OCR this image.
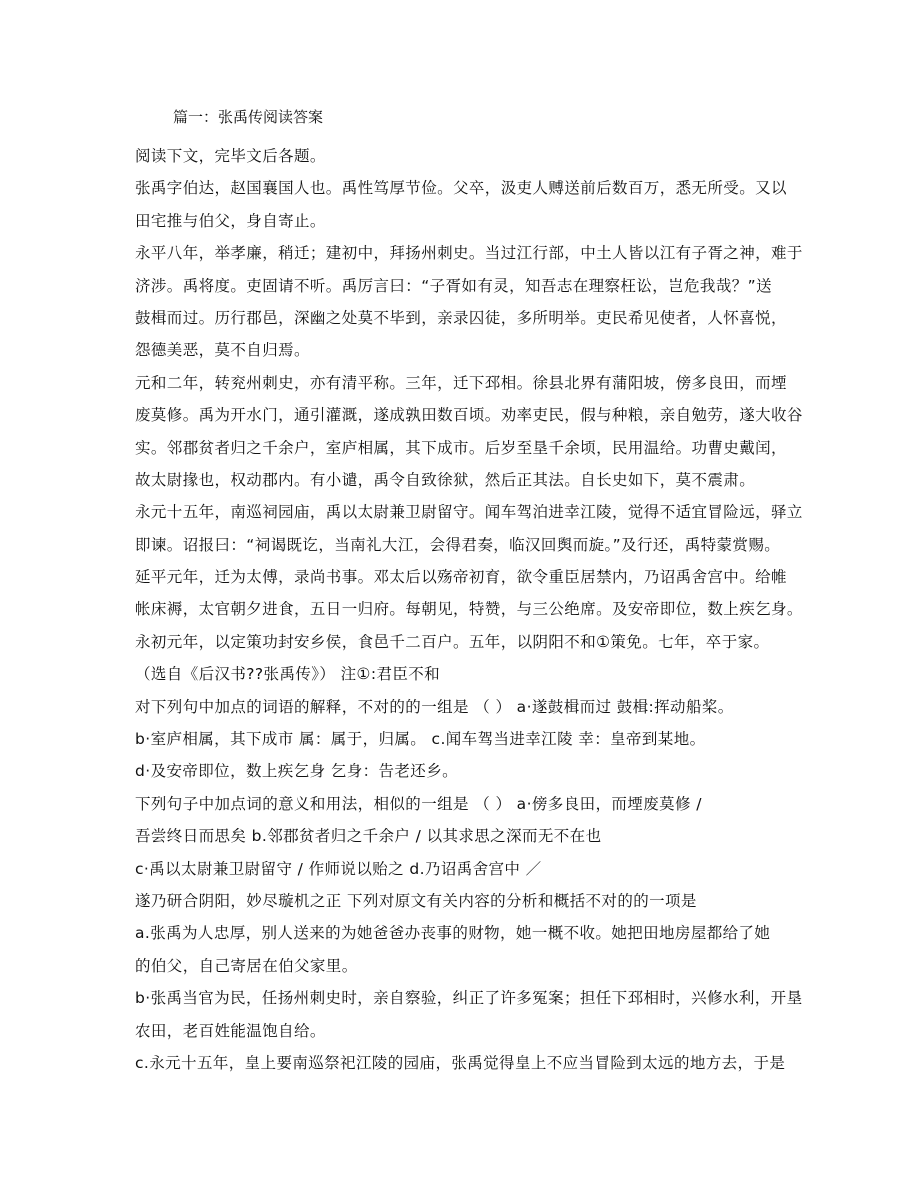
篇一：张禹传阅读答案
阅读下文，完毕文后各题。
张禹字伯达，赵国襄国人也。禹性笃厚节俭。父卒，汲吏人赙送前后数百万，悉无所受。又以
田宅推与伯父，身自寄止。
永平八年，举孝廉，稍迁；建初中，拜扬州刺史。当过江行部，中土人皆以江有子胥之神，难于
济涉。禹将度。吏固请不听。禹厉言曰：“子胥如有灵，知吾志在理察枉讼，岂危我哉？”送
鼓楫而过。历行郡邑，深幽之处莫不毕到，亲录囚徒，多所明举。吏民希见使者，人怀喜悦，
怨德美恶，莫不自归焉。
元和二年，转兖州刺史，亦有清平称。三年，迁下邳相。徐县北界有蒲阳坡，傍多良田，而堙
废莫修。禹为开水门，通引灌溉，遂成孰田数百顷。劝率吏民，假与种粮，亲自勉劳，遂大收谷
实。邻郡贫者归之千余户，室庐相属，其下成市。后岁至垦千余顷，民用温给。功曹史戴闰，
故太尉掾也，权动郡内。有小谴，禹令自致徐狱，然后正其法。自长史如下，莫不震肃。
永元十五年，南巡祠园庙，禹以太尉兼卫尉留守。闻车驾泊进幸江陵，觉得不适宜冒险远，驿立
即谏。诏报曰：“祠谒既讫，当南礼大江，会得君奏，临汉回舆而旋。”及行还，禹特蒙赏赐。
延平元年，迁为太傅，录尚书事。邓太后以殇帝初育，欲令重臣居禁内，乃诏禹舍宫中。给帷
帐床褥，太官朝夕进食，五日一归府。每朝见，特赞，与三公绝席。及安帝即位，数上疾乞身。
永初元年，以定策功封安乡侯，食邑千二百户。五年，以阴阳不和①策免。七年，卒于家。
（选自《后汉书??张禹传》） 注①:君臣不和
对下列句中加点的词语的解释，不对的的一组是 （ ） a·遂鼓楫而过 鼓楫:挥动船桨。
b·室庐相属，其下成市 属：属于，归属。 c.闻车驾当进幸江陵 幸：皇帝到某地。
d·及安帝即位，数上疾乞身 乞身：告老还乡。
下列句子中加点词的意义和用法，相似的一组是 （ ） a·傍多良田，而堙废莫修 /
吾尝终日而思矣 b.邻郡贫者归之千余户 / 以其求思之深而无不在也
c·禹以太尉兼卫尉留守 / 作师说以贻之 d.乃诏禹舍宫中 ／
遂乃研合阴阳，妙尽璇机之正 下列对原文有关内容的分析和概括不对的的一项是
a.张禹为人忠厚，别人送来的为她爸爸办丧事的财物，她一概不收。她把田地房屋都给了她
的伯父，自己寄居在伯父家里。
b·张禹当官为民，任扬州刺史时，亲自察验，纠正了许多冤案；担任下邳相时，兴修水利，开垦
农田，老百姓能温饱自给。
c.永元十五年，皇上要南巡祭祀江陵的园庙，张禹觉得皇上不应当冒险到太远的地方去，于是
